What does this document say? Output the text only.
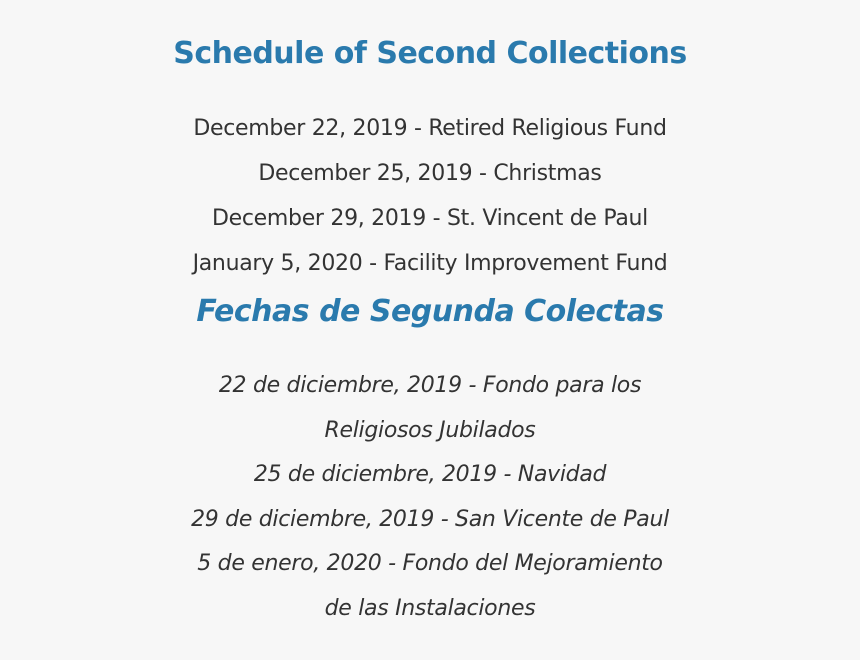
Schedule of Second Collections
December 22, 2019 - Retired Religious Fund
December 25, 2019 - Christmas
December 29, 2019 - St. Vincent de Paul
January 5, 2020 - Facility Improvement Fund
Fechas de Segunda Colectas
22 de diciembre, 2019 - Fondo para los
Religiosos Jubilados
25 de diciembre, 2019 - Navidad
29 de diciembre, 2019 - San Vicente de Paul
5 de enero, 2020 - Fondo del Mejoramiento
de las Instalaciones
